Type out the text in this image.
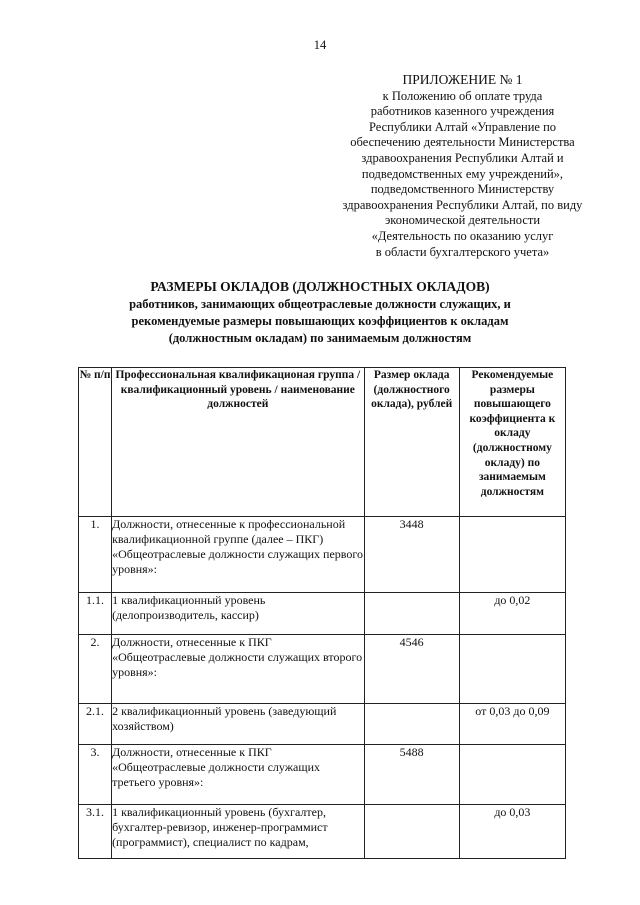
14
ПРИЛОЖЕНИЕ № 1
к Положению об оплате труда
работников казенного учреждения
Республики Алтай «Управление по
обеспечению деятельности Министерства
здравоохранения Республики Алтай и
подведомственных ему учреждений»,
подведомственного Министерству
здравоохранения Республики Алтай, по виду
экономической деятельности
«Деятельность по оказанию услуг
в области бухгалтерского учета»
РАЗМЕРЫ ОКЛАДОВ (ДОЛЖНОСТНЫХ ОКЛАДОВ)
работников, занимающих общеотраслевые должности служащих, и
рекомендуемые размеры повышающих коэффициентов к окладам
(должностным окладам) по занимаемым должностям
№ п/п	Профессиональная квалификационая группа / квалификационный уровень / наименование должностей	Размер оклада (должностного оклада), рублей	Рекомендуемые размеры повышающего коэффициента к окладу (должностному окладу) по занимаемым должностям
1.	Должности, отнесенные к профессиональной квалификационной группе (далее – ПКГ) «Общеотраслевые должности служащих первого уровня»:	3448	
1.1.	1 квалификационный уровень (делопроизводитель, кассир)		до 0,02
2.	Должности, отнесенные к ПКГ «Общеотраслевые должности служащих второго уровня»:	4546	
2.1.	2 квалификационный уровень (заведующий хозяйством)		от 0,03 до 0,09
3.	Должности, отнесенные к ПКГ «Общеотраслевые должности служащих третьего уровня»:	5488	
3.1.	1 квалификационный уровень (бухгалтер, бухгалтер-ревизор, инженер-программист (программист), специалист по кадрам,		до 0,03
